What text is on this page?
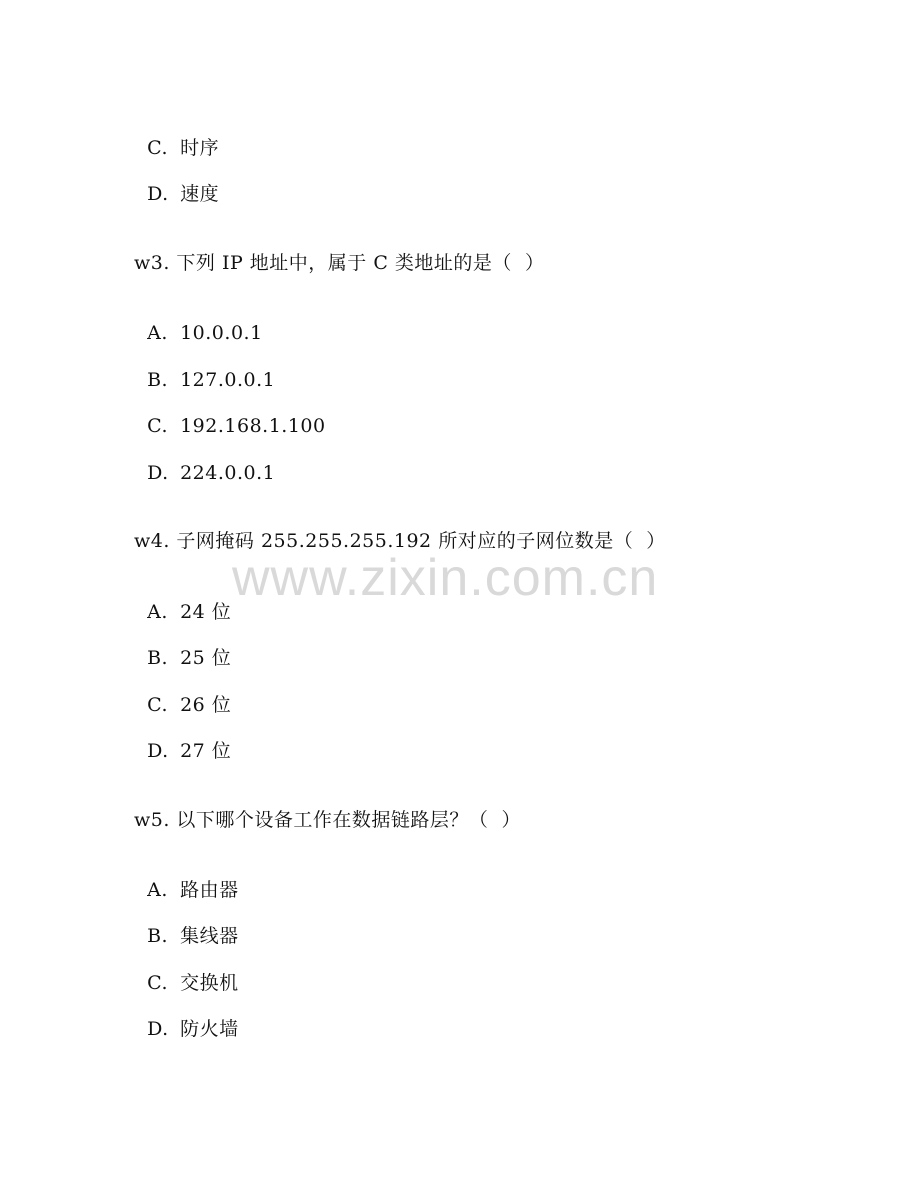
C. 时序

D. 速度

w3. 下列 IP 地址中，属于 C 类地址的是（  ）

A. 10.0.0.1

B. 127.0.0.1

C. 192.168.1.100

D. 224.0.0.1

w4. 子网掩码 255.255.255.192 所对应的子网位数是（  ）

A. 24 位

B. 25 位

C. 26 位

D. 27 位

w5. 以下哪个设备工作在数据链路层？（  ）

A. 路由器

B. 集线器

C. 交换机

D. 防火墙

www.zixin.com.cn
